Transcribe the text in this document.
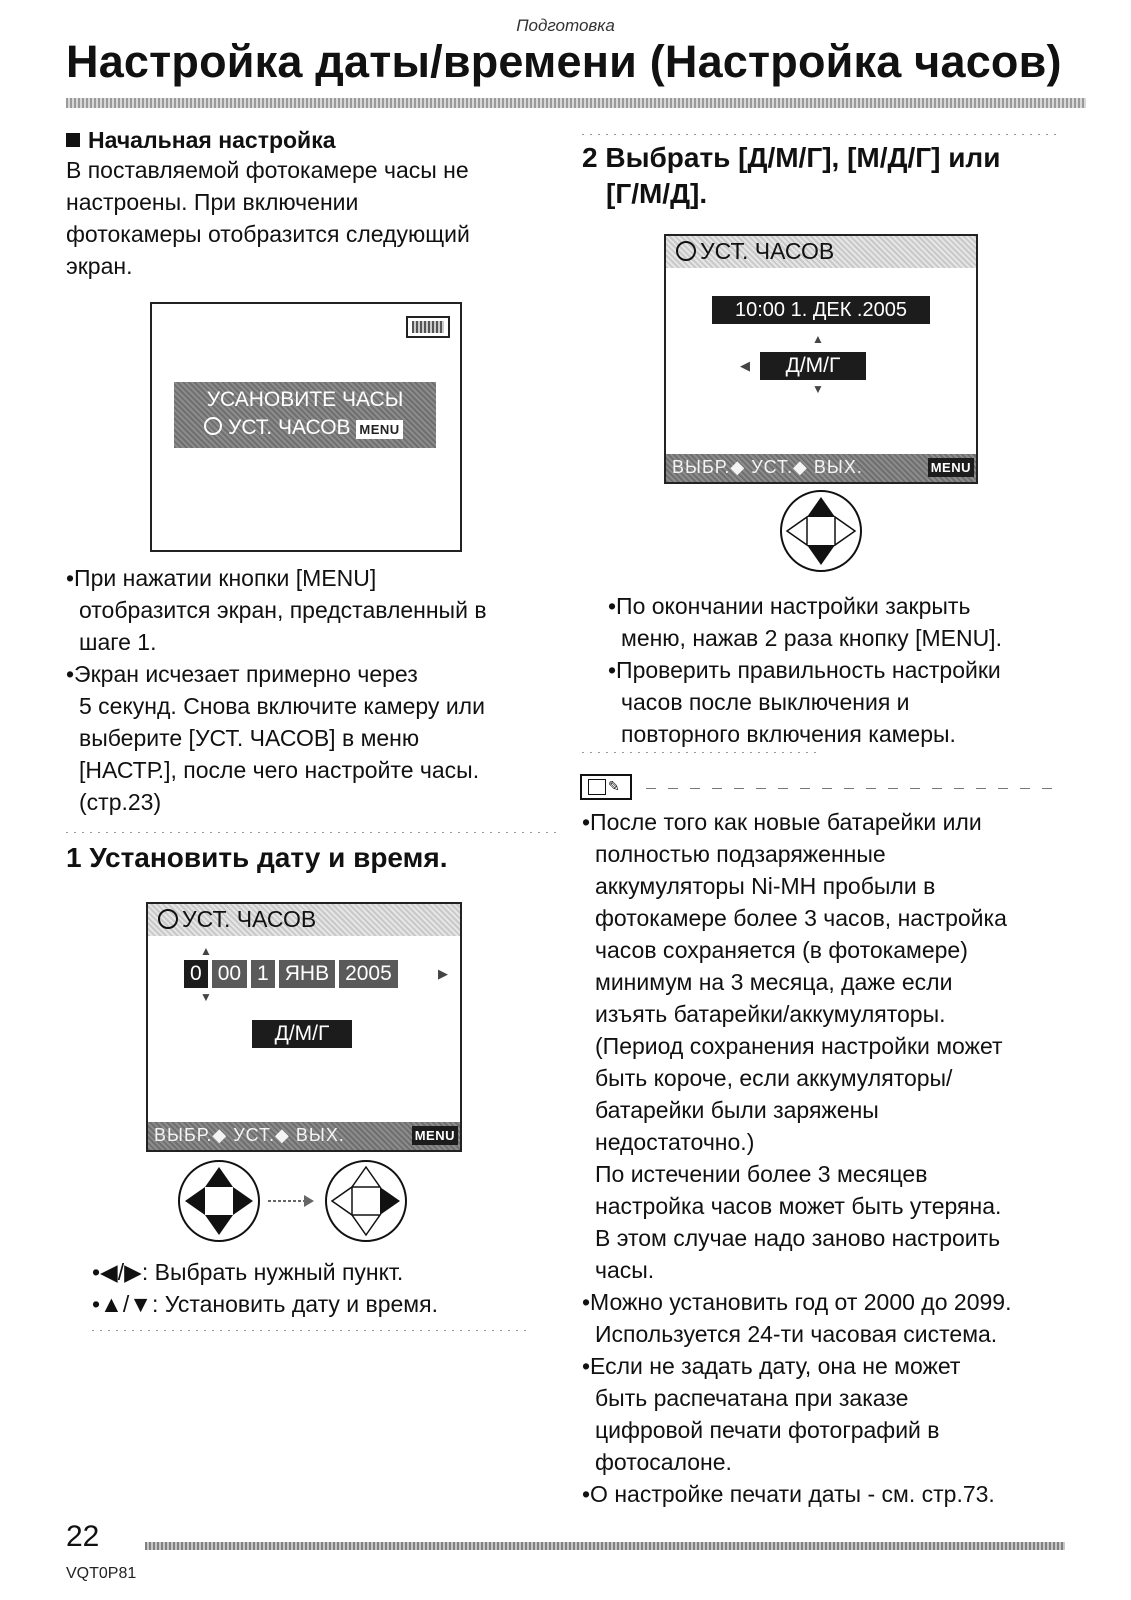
Подготовка
Настройка даты/времени (Настройка часов)
Начальная настройка
В поставляемой фотокамере часы не
настроены. При включении
фотокамеры отобразится следующий
экран.
УСАНОВИТЕ ЧАСЫ
УСТ. ЧАСОВ MENU
•При нажатии кнопки [MENU]
отобразится экран, представленный в
шаге 1.
•Экран исчезает примерно через
5 секунд. Снова включите камеру или
выберите [УСТ. ЧАСОВ] в меню
[НАСТР.], после чего настройте часы.
(стр.23)
1 Установить дату и время.
УСТ. ЧАСОВ
▲
0 00 1 ЯНВ 2005	▶
▼
Д/М/Г
ВЫБР.◆ УСТ.◆ ВЫХ.	MENU
•◀/▶: Выбрать нужный пункт.
•▲/▼: Установить дату и время.
2 Выбрать [Д/М/Г], [М/Д/Г] или
[Г/М/Д].
УСТ. ЧАСОВ
10:00 1. ДЕК .2005
▲
◀	Д/М/Г
▼
ВЫБР.◆ УСТ.◆ ВЫХ.	MENU
•По окончании настройки закрыть
меню, нажав 2 раза кнопку [MENU].
•Проверить правильность настройки
часов после выключения и
повторного включения камеры.
✎
•После того как новые батарейки или
полностью подзаряженные
аккумуляторы Ni-MH пробыли в
фотокамере более 3 часов, настройка
часов сохраняется (в фотокамере)
минимум на 3 месяца, даже если
изъять батарейки/аккумуляторы.
(Период сохранения настройки может
быть короче, если аккумуляторы/
батарейки были заряжены
недостаточно.)
По истечении более 3 месяцев
настройка часов может быть утеряна.
В этом случае надо заново настроить
часы.
•Можно установить год от 2000 до 2099.
Используется 24-ти часовая система.
•Если не задать дату, она не может
быть распечатана при заказе
цифровой печати фотографий в
фотосалоне.
•О настройке печати даты - см. стр.73.
22
VQT0P81
